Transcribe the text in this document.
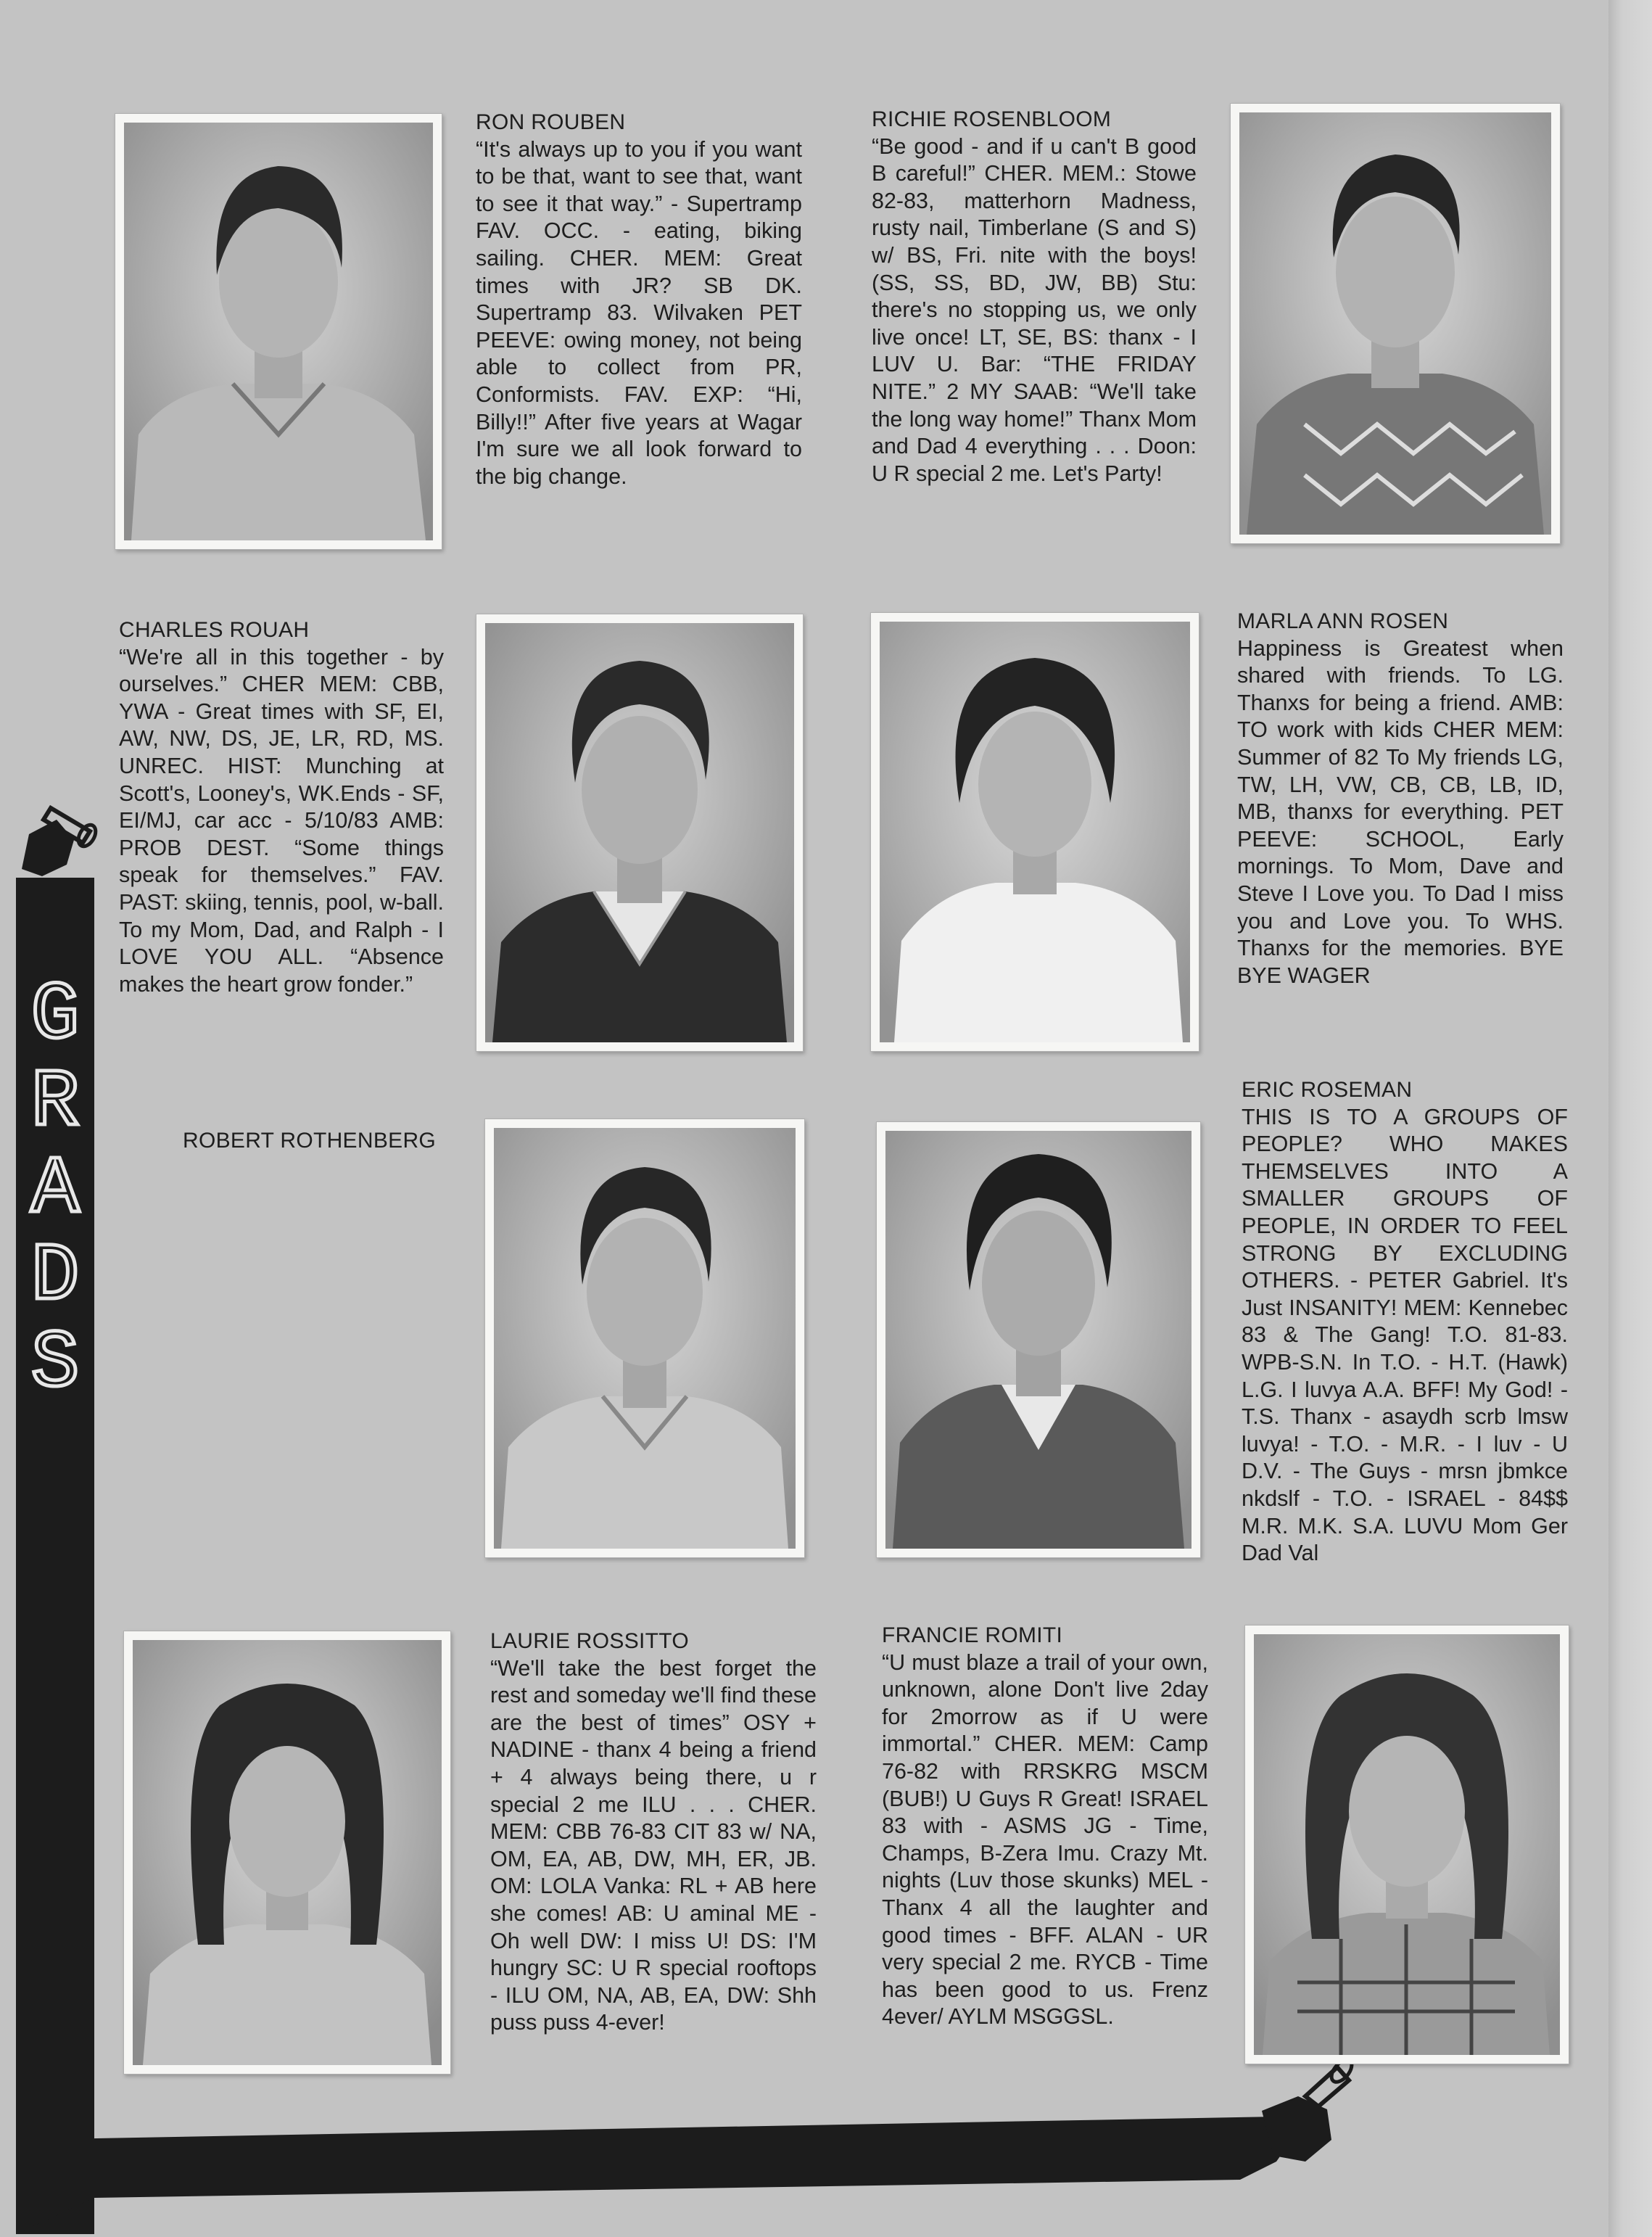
G
R
A
D
S
RON ROUBEN
“It's always up to you if you want to be that, want to see that, want to see it that way.” - Supertramp FAV. OCC. - eating, biking sailing. CHER. MEM: Great times with JR? SB DK. Supertramp 83. Wilvaken PET PEEVE: owing money, not being able to collect from PR, Conformists. FAV. EXP: “Hi, Billy!!” After five years at Wagar I'm sure we all look forward to the big change.
RICHIE ROSENBLOOM
“Be good - and if u can't B good B careful!” CHER. MEM.: Stowe 82-83, matterhorn Madness, rusty nail, Timberlane (S and S) w/ BS, Fri. nite with the boys! (SS, SS, BD, JW, BB) Stu: there's no stopping us, we only live once! LT, SE, BS: thanx - I LUV U. Bar: “THE FRIDAY NITE.” 2 MY SAAB: “We'll take the long way home!” Thanx Mom and Dad 4 everything . . . Doon: U R special 2 me. Let's Party!
CHARLES ROUAH
“We're all in this together - by ourselves.” CHER MEM: CBB, YWA - Great times with SF, EI, AW, NW, DS, JE, LR, RD, MS. UNREC. HIST: Munching at Scott's, Looney's, WK.Ends - SF, EI/MJ, car acc - 5/10/83 AMB: PROB DEST. “Some things speak for themselves.” FAV. PAST: skiing, tennis, pool, w-ball. To my Mom, Dad, and Ralph - I LOVE YOU ALL. “Absence makes the heart grow fonder.”
MARLA ANN ROSEN
Happiness is Greatest when shared with friends. To LG. Thanxs for being a friend. AMB: TO work with kids CHER MEM: Summer of 82 To My friends LG, TW, LH, VW, CB, CB, LB, ID, MB, thanxs for everything. PET PEEVE: SCHOOL, Early mornings. To Mom, Dave and Steve I Love you. To Dad I miss you and Love you. To WHS. Thanxs for the memories. BYE BYE WAGER
ROBERT ROTHENBERG
ERIC ROSEMAN
THIS IS TO A GROUPS OF PEOPLE? WHO MAKES THEMSELVES INTO A SMALLER GROUPS OF PEOPLE, IN ORDER TO FEEL STRONG BY EXCLUDING OTHERS. - PETER Gabriel. It's Just INSANITY! MEM: Kennebec 83 & The Gang! T.O. 81-83. WPB-S.N. In T.O. - H.T. (Hawk) L.G. I luvya A.A. BFF! My God! - T.S. Thanx - asaydh scrb lmsw luvya! - T.O. - M.R. - I luv - U D.V. - The Guys - mrsn jbmkce nkdslf - T.O. - ISRAEL - 84$$ M.R. M.K. S.A. LUVU Mom Ger Dad Val
LAURIE ROSSITTO
“We'll take the best forget the rest and someday we'll find these are the best of times” OSY + NADINE - thanx 4 being a friend + 4 always being there, u r special 2 me ILU . . . CHER. MEM: CBB 76-83 CIT 83 w/ NA, OM, EA, AB, DW, MH, ER, JB. OM: LOLA Vanka: RL + AB here she comes! AB: U aminal ME - Oh well DW: I miss U! DS: I'M hungry SC: U R special rooftops - ILU OM, NA, AB, EA, DW: Shh puss puss 4-ever!
FRANCIE ROMITI
“U must blaze a trail of your own, unknown, alone Don't live 2day for 2morrow as if U were immortal.” CHER. MEM: Camp 76-82 with RRSKRG MSCM (BUB!) U Guys R Great! ISRAEL 83 with - ASMS JG - Time, Champs, B-Zera Imu. Crazy Mt. nights (Luv those skunks) MEL - Thanx 4 all the laughter and good times - BFF. ALAN - UR very special 2 me. RYCB - Time has been good to us. Frenz 4ever/ AYLM MSGGSL.
